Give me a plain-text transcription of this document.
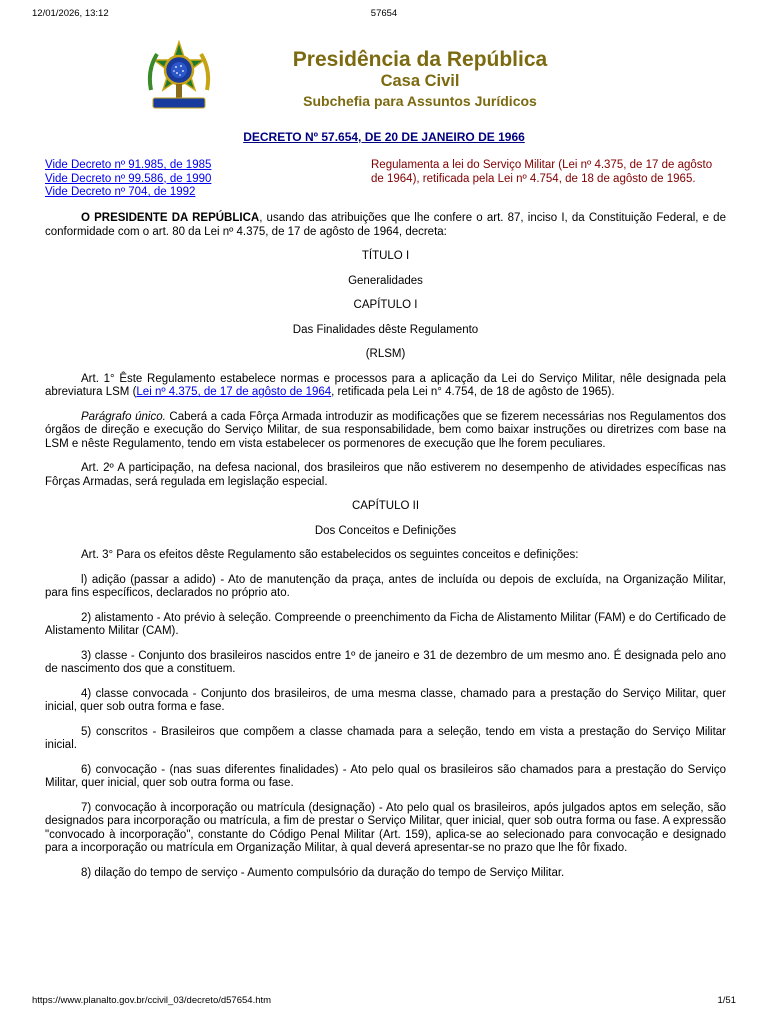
12/01/2026, 13:12	57654
Presidência da República
Casa Civil
Subchefia para Assuntos Jurídicos
DECRETO Nº 57.654, DE 20 DE JANEIRO DE 1966
Vide Decreto nº 91.985, de 1985
Vide Decreto nº 99.586, de 1990
Vide Decreto nº 704, de 1992
Regulamenta a lei do Serviço Militar (Lei nº 4.375, de 17 de agôsto de 1964), retificada pela Lei nº 4.754, de 18 de agôsto de 1965.

O PRESIDENTE DA REPÚBLICA, usando das atribuições que lhe confere o art. 87, inciso I, da Constituição Federal, e de conformidade com o art. 80 da Lei nº 4.375, de 17 de agôsto de 1964, decreta:

TÍTULO I

Generalidades

CAPÍTULO I

Das Finalidades dêste Regulamento

(RLSM)

Art. 1° Êste Regulamento estabelece normas e processos para a aplicação da Lei do Serviço Militar, nêle designada pela abreviatura LSM (Lei nº 4.375, de 17 de agôsto de 1964, retificada pela Lei n° 4.754, de 18 de agôsto de 1965).

Parágrafo único. Caberá a cada Fôrça Armada introduzir as modificações que se fizerem necessárias nos Regulamentos dos órgãos de direção e execução do Serviço Militar, de sua responsabilidade, bem como baixar instruções ou diretrizes com base na LSM e nêste Regulamento, tendo em vista estabelecer os pormenores de execução que lhe forem peculiares.

Art. 2º A participação, na defesa nacional, dos brasileiros que não estiverem no desempenho de atividades específicas nas Fôrças Armadas, será regulada em legislação especial.

CAPÍTULO II

Dos Conceitos e Definições

Art. 3° Para os efeitos dêste Regulamento são estabelecidos os seguintes conceitos e definições:

l) adição (passar a adido) - Ato de manutenção da praça, antes de incluída ou depois de excluída, na Organização Militar, para fins específicos, declarados no próprio ato.

2) alistamento - Ato prévio à seleção. Compreende o preenchimento da Ficha de Alistamento Militar (FAM) e do Certificado de Alistamento Militar (CAM).

3) classe - Conjunto dos brasileiros nascidos entre 1º de janeiro e 31 de dezembro de um mesmo ano. É designada pelo ano de nascimento dos que a constituem.

4) classe convocada - Conjunto dos brasileiros, de uma mesma classe, chamado para a prestação do Serviço Militar, quer inicial, quer sob outra forma e fase.

5) conscritos - Brasileiros que compõem a classe chamada para a seleção, tendo em vista a prestação do Serviço Militar inicial.

6) convocação - (nas suas diferentes finalidades) - Ato pelo qual os brasileiros são chamados para a prestação do Serviço Militar, quer inicial, quer sob outra forma ou fase.

7) convocação à incorporação ou matrícula (designação) - Ato pelo qual os brasileiros, após julgados aptos em seleção, são designados para incorporação ou matrícula, a fim de prestar o Serviço Militar, quer inicial, quer sob outra forma ou fase. A expressão "convocado à incorporação", constante do Código Penal Militar (Art. 159), aplica-se ao selecionado para convocação e designado para a incorporação ou matrícula em Organização Militar, à qual deverá apresentar-se no prazo que lhe fôr fixado.

8) dilação do tempo de serviço - Aumento compulsório da duração do tempo de Serviço Militar.

https://www.planalto.gov.br/ccivil_03/decreto/d57654.htm	1/51
